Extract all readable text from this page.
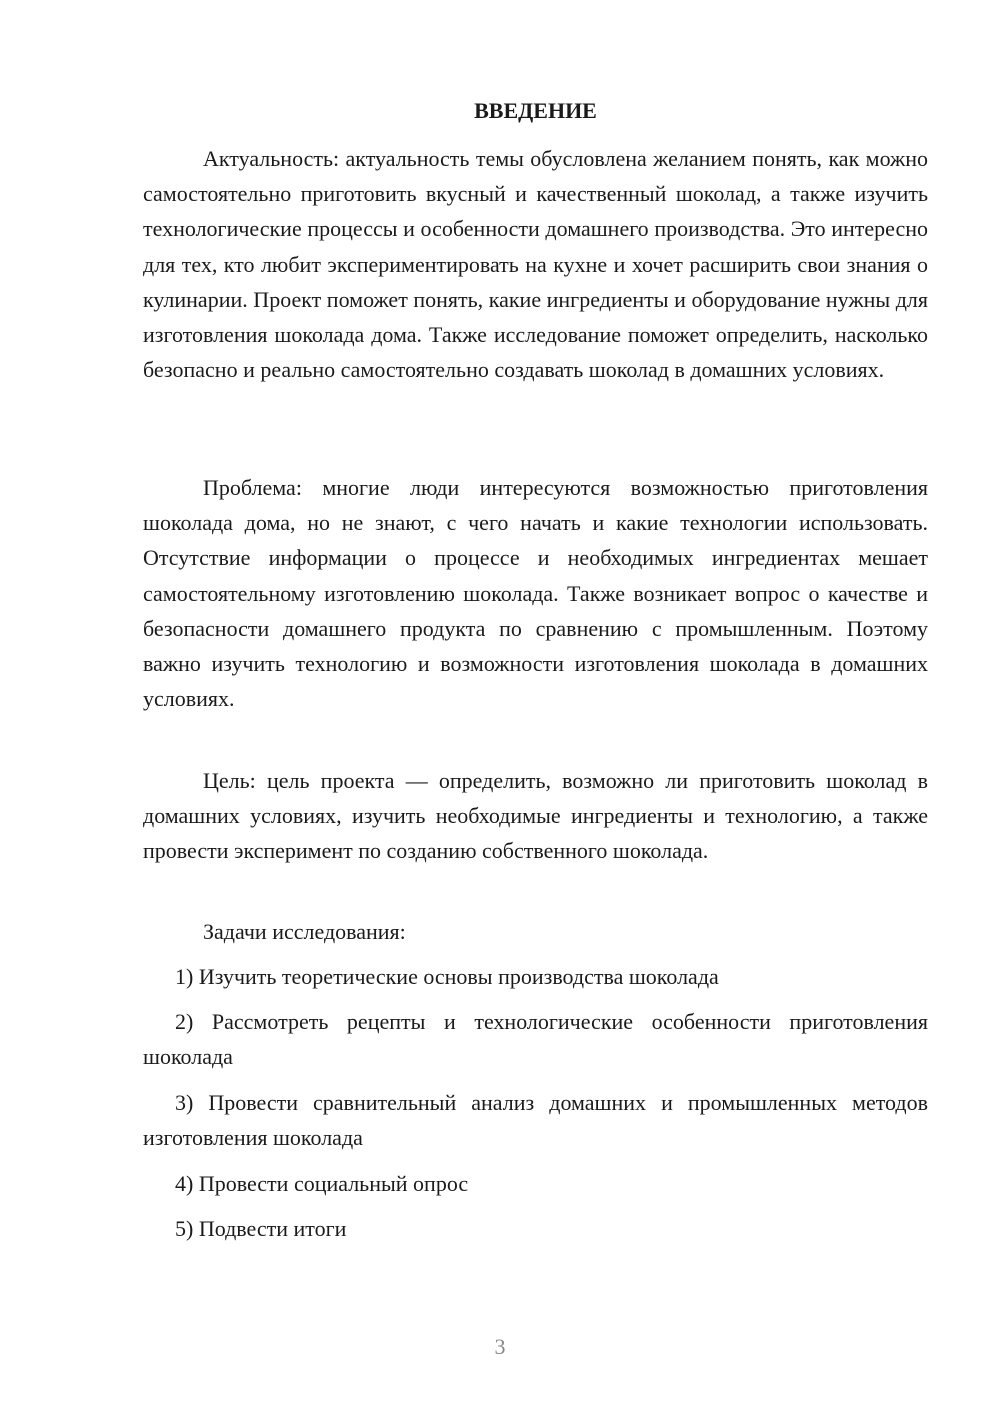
ВВЕДЕНИЕ

Актуальность: актуальность темы обусловлена желанием понять, как можно самостоятельно приготовить вкусный и качественный шоколад, а также изучить технологические процессы и особенности домашнего производства. Это интересно для тех, кто любит экспериментировать на кухне и хочет расширить свои знания о кулинарии. Проект поможет понять, какие ингредиенты и оборудование нужны для изготовления шоколада дома. Также исследование поможет определить, насколько безопасно и реально самостоятельно создавать шоколад в домашних условиях.

Проблема: многие люди интересуются возможностью приготовления шоколада дома, но не знают, с чего начать и какие технологии использовать. Отсутствие информации о процессе и необходимых ингредиентах мешает самостоятельному изготовлению шоколада. Также возникает вопрос о качестве и безопасности домашнего продукта по сравнению с промышленным. Поэтому важно изучить технологию и возможности изготовления шоколада в домашних условиях.

Цель: цель проекта — определить, возможно ли приготовить шоколад в домашних условиях, изучить необходимые ингредиенты и технологию, а также провести эксперимент по созданию собственного шоколада.

Задачи исследования:

1) Изучить теоретические основы производства шоколада

2) Рассмотреть рецепты и технологические особенности приготовления шоколада

3) Провести сравнительный анализ домашних и промышленных методов изготовления шоколада

4) Провести социальный опрос

5) Подвести итоги

3
